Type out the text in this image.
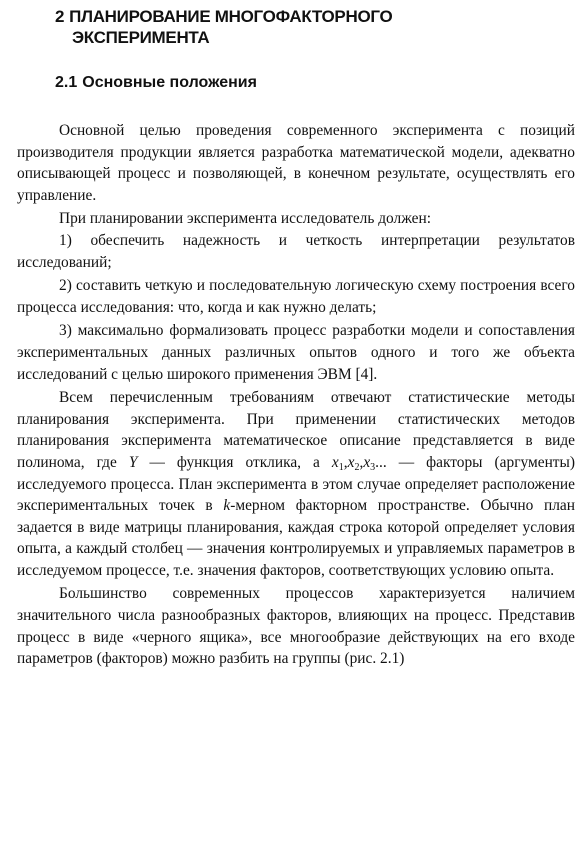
2 ПЛАНИРОВАНИЕ МНОГОФАКТОРНОГО
ЭКСПЕРИМЕНТА
2.1 Основные положения

Основной целью проведения современного эксперимента с позиций производителя продукции является разработка математической модели, адекватно описывающей процесс и позволяющей, в конечном результате, осуществлять его управление.

При планировании эксперимента исследователь должен:

1) обеспечить надежность и четкость интерпретации результатов исследований;

2) составить четкую и последовательную логическую схему построения всего процесса исследования: что, когда и как нужно делать;

3) максимально формализовать процесс разработки модели и сопоставления экспериментальных данных различных опытов одного и того же объекта исследований с целью широкого применения ЭВМ [4].

Всем перечисленным требованиям отвечают статистические методы планирования эксперимента. При применении статистических методов планирования эксперимента математическое описание представляется в виде полинома, где Y — функция отклика, а $x_1,x_2,x_3$... — факторы (аргументы) исследуемого процесса. План эксперимента в этом случае определяет расположение экспериментальных точек в k-мерном факторном пространстве. Обычно план задается в виде матрицы планирования, каждая строка которой определяет условия опыта, а каждый столбец — значения контролируемых и управляемых параметров в исследуемом процессе, т.е. значения факторов, соответствующих условию опыта.

Большинство современных процессов характеризуется наличием значительного числа разнообразных факторов, влияющих на процесс. Представив процесс в виде «черного ящика», все многообразие действующих на его входе параметров (факторов) можно разбить на группы (рис. 2.1)
